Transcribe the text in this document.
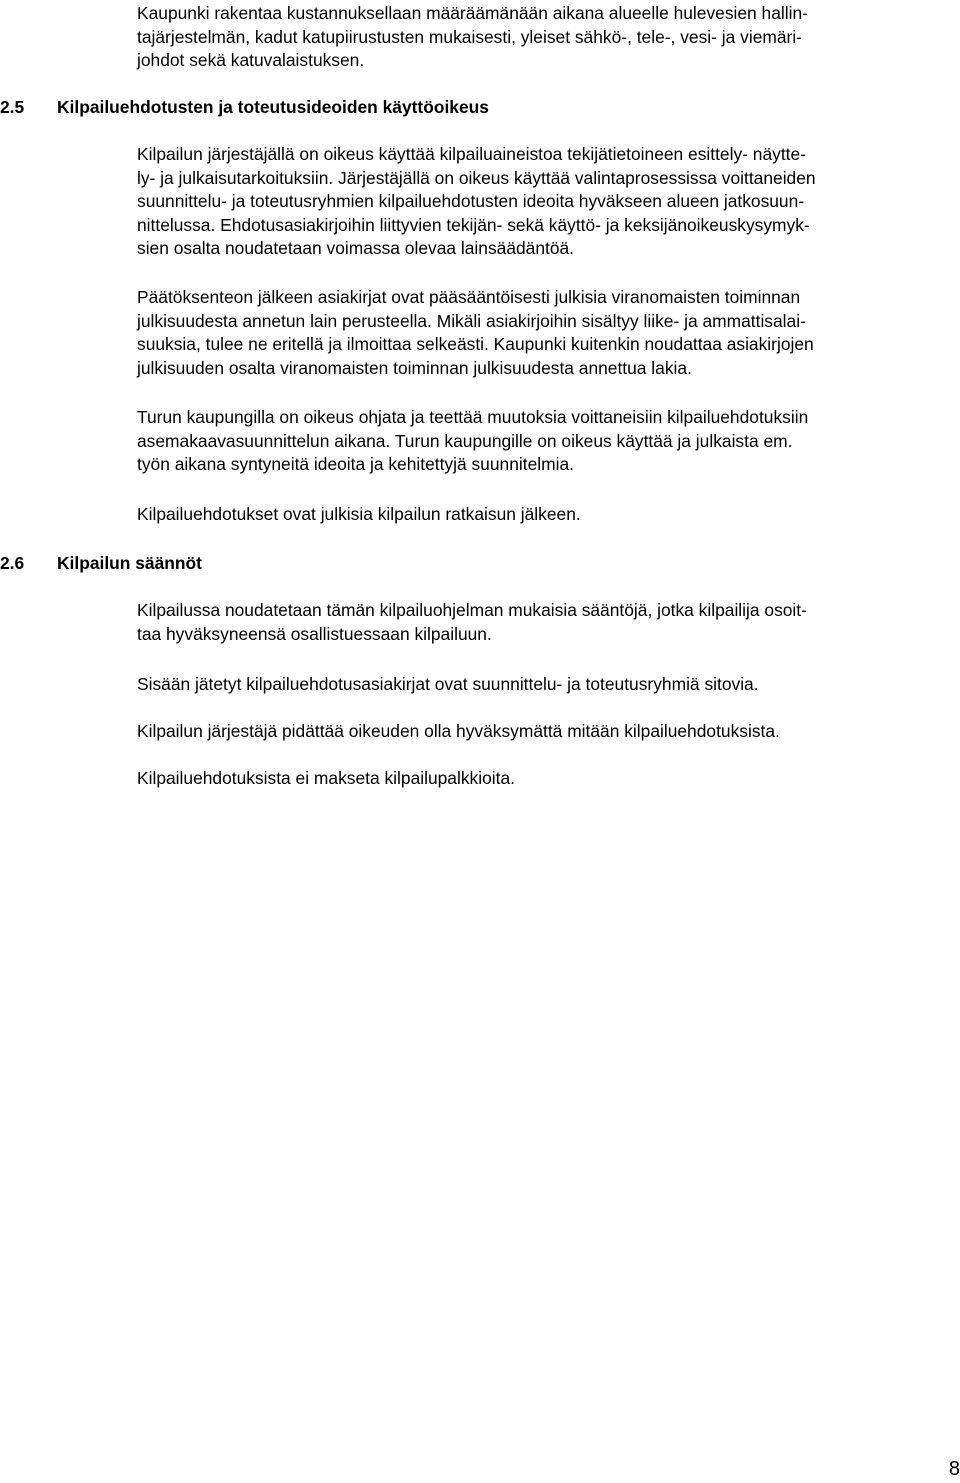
Kaupunki rakentaa kustannuksellaan määräämänään aikana alueelle hulevesien hallin-
tajärjestelmän, kadut katupiirustusten mukaisesti, yleiset sähkö-, tele-, vesi- ja viemäri-
johdot sekä katuvalaistuksen.
2.5 Kilpailuehdotusten ja toteutusideoiden käyttöoikeus
Kilpailun järjestäjällä on oikeus käyttää kilpailuaineistoa tekijätietoineen esittely- näytte-
ly- ja julkaisutarkoituksiin. Järjestäjällä on oikeus käyttää valintaprosessissa voittaneiden
suunnittelu- ja toteutusryhmien kilpailuehdotusten ideoita hyväkseen alueen jatkosuun-
nittelussa. Ehdotusasiakirjoihin liittyvien tekijän- sekä käyttö- ja keksijänoikeuskysymyk-
sien osalta noudatetaan voimassa olevaa lainsäädäntöä.
Päätöksenteon jälkeen asiakirjat ovat pääsääntöisesti julkisia viranomaisten toiminnan
julkisuudesta annetun lain perusteella. Mikäli asiakirjoihin sisältyy liike- ja ammattisalai-
suuksia, tulee ne eritellä ja ilmoittaa selkeästi. Kaupunki kuitenkin noudattaa asiakirjojen
julkisuuden osalta viranomaisten toiminnan julkisuudesta annettua lakia.
Turun kaupungilla on oikeus ohjata ja teettää muutoksia voittaneisiin kilpailuehdotuksiin
asemakaavasuunnittelun aikana. Turun kaupungille on oikeus käyttää ja julkaista em.
työn aikana syntyneitä ideoita ja kehitettyjä suunnitelmia.
Kilpailuehdotukset ovat julkisia kilpailun ratkaisun jälkeen.
2.6 Kilpailun säännöt
Kilpailussa noudatetaan tämän kilpailuohjelman mukaisia sääntöjä, jotka kilpailija osoit-
taa hyväksyneensä osallistuessaan kilpailuun.
Sisään jätetyt kilpailuehdotusasiakirjat ovat suunnittelu- ja toteutusryhmiä sitovia.
Kilpailun järjestäjä pidättää oikeuden olla hyväksymättä mitään kilpailuehdotuksista.
Kilpailuehdotuksista ei makseta kilpailupalkkioita.
8
